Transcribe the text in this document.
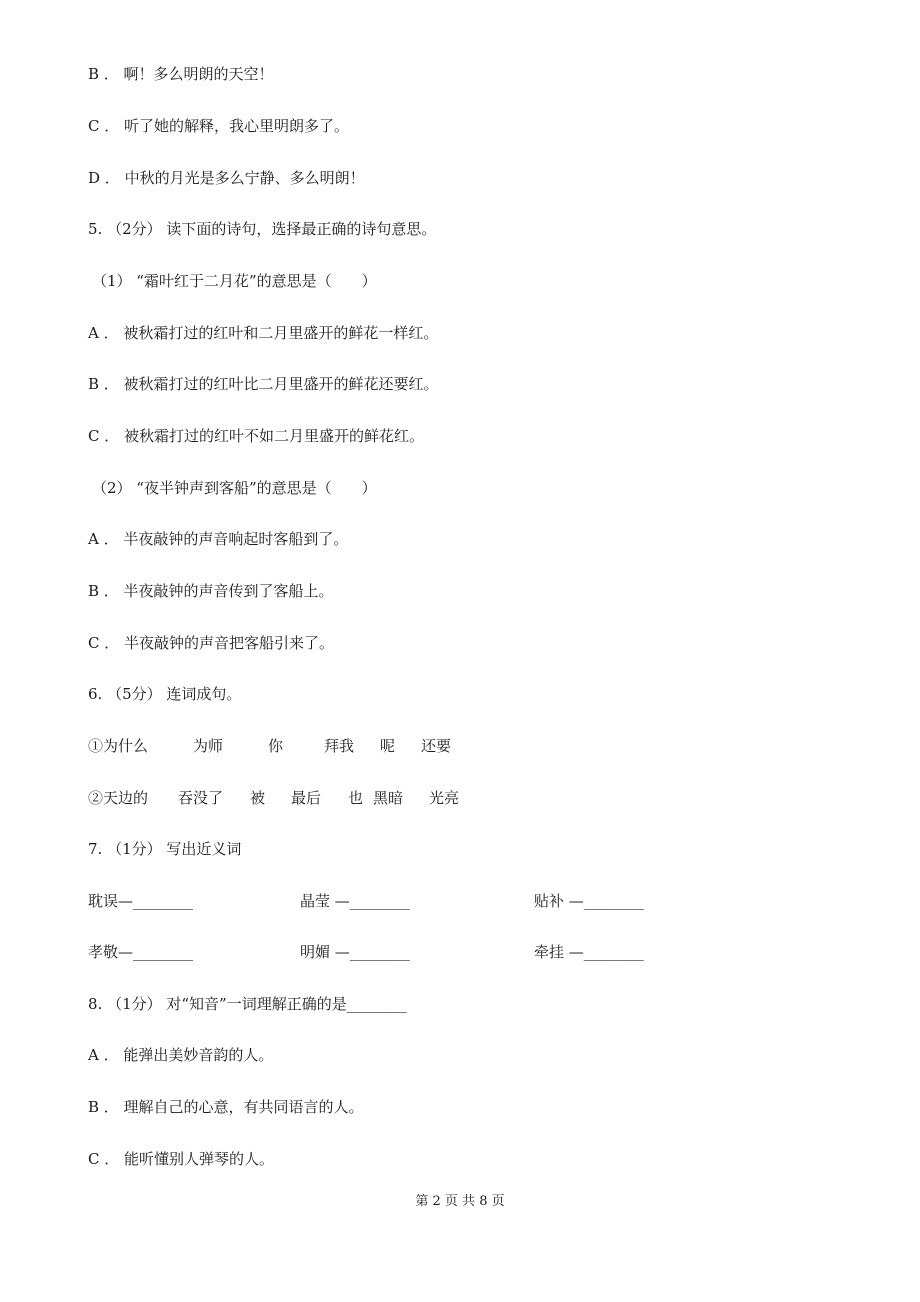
B ． 啊！多么明朗的天空！
C ． 听了她的解释，我心里明朗多了。
D ． 中秋的月光是多么宁静、多么明朗！
5. （2分） 读下面的诗句，选择最正确的诗句意思。
（1） “霜叶红于二月花”的意思是（　　）
A ． 被秋霜打过的红叶和二月里盛开的鲜花一样红。
B ． 被秋霜打过的红叶比二月里盛开的鲜花还要红。
C ． 被秋霜打过的红叶不如二月里盛开的鲜花红。
（2） “夜半钟声到客船”的意思是（　　）
A ． 半夜敲钟的声音响起时客船到了。
B ． 半夜敲钟的声音传到了客船上。
C ． 半夜敲钟的声音把客船引来了。
6. （5分） 连词成句。
①为什么	为师	你	拜我 呢 还要
②天边的 吞没了 被 最后 也 黑暗 光亮
7. （1分） 写出近义词
耽误—________	晶莹 —________	贴补 —________
孝敬—________	明媚 —________	牵挂 —________
8. （1分） 对“知音”一词理解正确的是________
A ． 能弹出美妙音韵的人。
B ． 理解自己的心意，有共同语言的人。
C ． 能听懂别人弹琴的人。
第 2 页 共 8 页
